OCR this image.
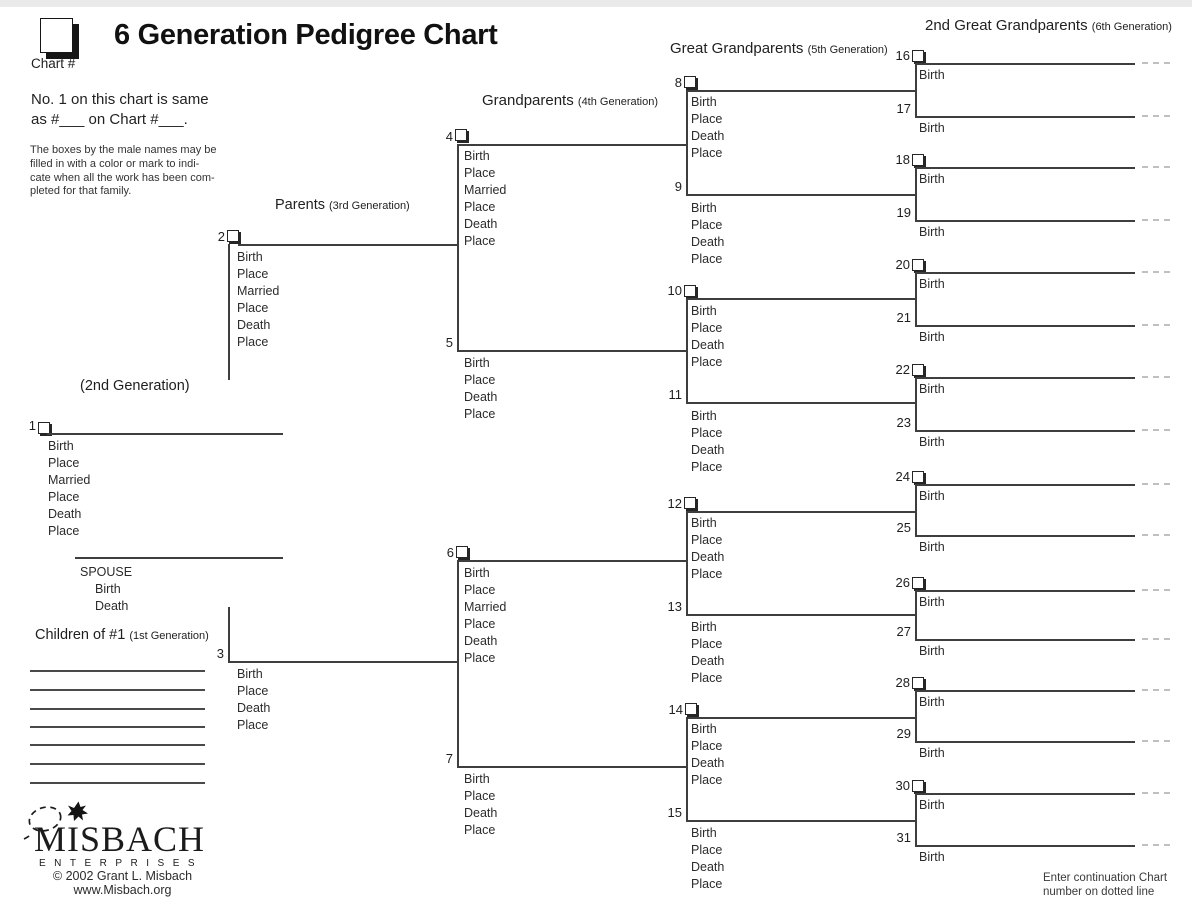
Chart #
6 Generation Pedigree Chart
No. 1 on this chart is same
as #___ on Chart #___.
The boxes by the male names may be
filled in with a color or mark to indi-
cate when all the work has been com-
pleted for that family.
2nd Great Grandparents (6th Generation)
Great Grandparents (5th Generation)
Grandparents (4th Generation)
Parents (3rd Generation)
(2nd Generation)
Children of #1 (1st Generation)
1
Birth
Place
Married
Place
Death
Place
2
Birth
Place
Married
Place
Death
Place
3
Birth
Place
Death
Place
4
Birth
Place
Married
Place
Death
Place
5
Birth
Place
Death
Place
6
Birth
Place
Married
Place
Death
Place
7
Birth
Place
Death
Place
8
Birth
Place
Death
Place
9
Birth
Place
Death
Place
10
Birth
Place
Death
Place
11
Birth
Place
Death
Place
12
Birth
Place
Death
Place
13
Birth
Place
Death
Place
14
Birth
Place
Death
Place
15
Birth
Place
Death
Place
16
Birth
17
Birth
18
Birth
19
Birth
20
Birth
21
Birth
22
Birth
23
Birth
24
Birth
25
Birth
26
Birth
27
Birth
28
Birth
29
Birth
30
Birth
31
Birth
SPOUSE
Birth
Death
Enter continuation Chart
number on dotted line
MISBACH
ENTERPRISES
© 2002 Grant L. Misbach
www.Misbach.org
